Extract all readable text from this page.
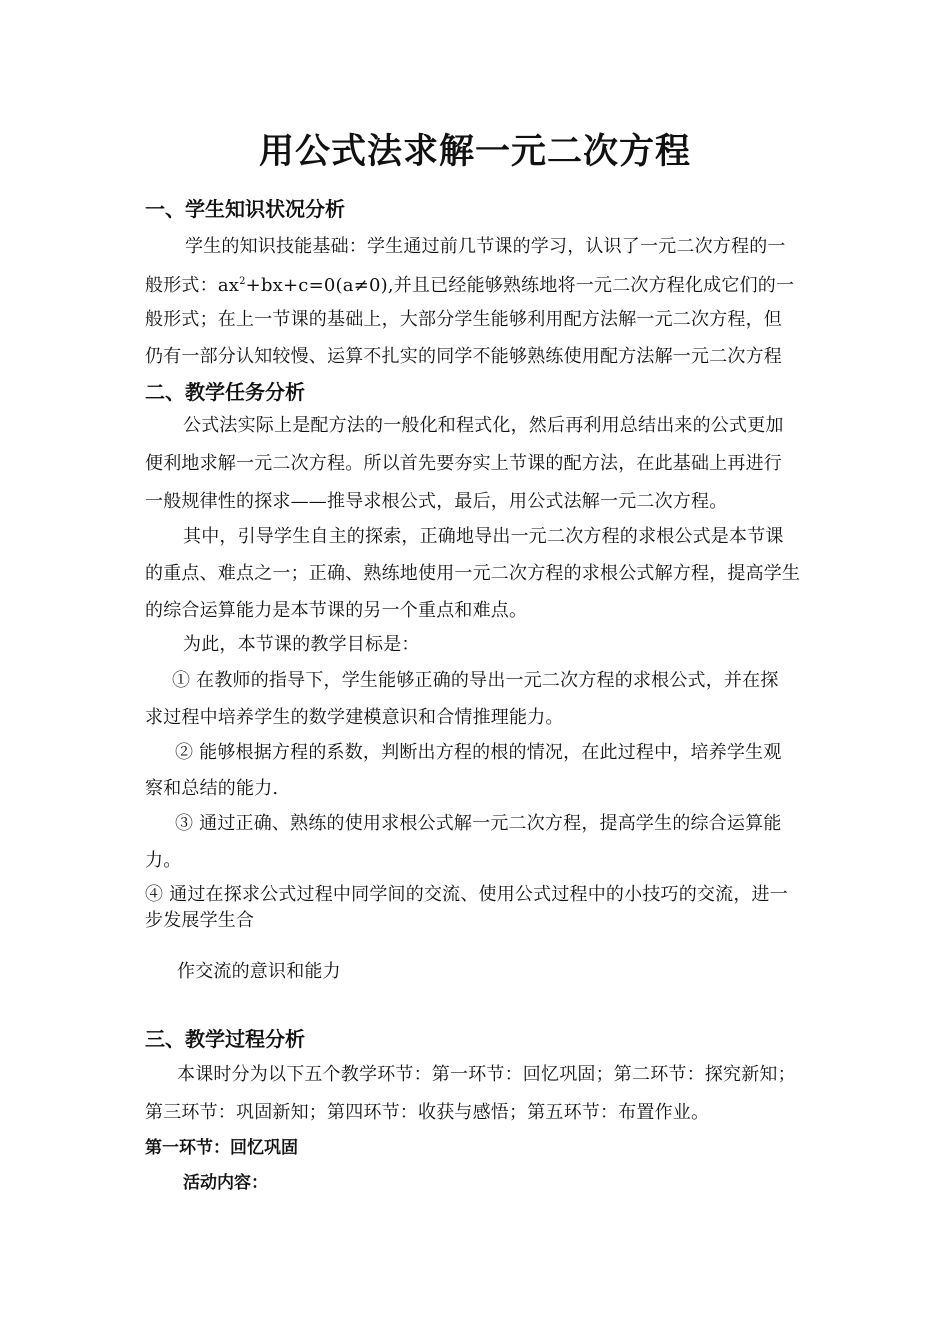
用公式法求解一元二次方程
一、学生知识状况分析
学生的知识技能基础：学生通过前几节课的学习，认识了一元二次方程的一
般形式：$ax^2+bx+c=0(a\ne 0)$,并且已经能够熟练地将一元二次方程化成它们的一
般形式；在上一节课的基础上，大部分学生能够利用配方法解一元二次方程，但
仍有一部分认知较慢、运算不扎实的同学不能够熟练使用配方法解一元二次方程
二、教学任务分析
公式法实际上是配方法的一般化和程式化，然后再利用总结出来的公式更加
便利地求解一元二次方程。所以首先要夯实上节课的配方法，在此基础上再进行
一般规律性的探求——推导求根公式，最后，用公式法解一元二次方程。
其中，引导学生自主的探索，正确地导出一元二次方程的求根公式是本节课
的重点、难点之一；正确、熟练地使用一元二次方程的求根公式解方程，提高学生
的综合运算能力是本节课的另一个重点和难点。
为此，本节课的教学目标是：
① 在教师的指导下，学生能够正确的导出一元二次方程的求根公式，并在探
求过程中培养学生的数学建模意识和合情推理能力。
② 能够根据方程的系数，判断出方程的根的情况，在此过程中，培养学生观
察和总结的能力.
③ 通过正确、熟练的使用求根公式解一元二次方程，提高学生的综合运算能
力。
④ 通过在探求公式过程中同学间的交流、使用公式过程中的小技巧的交流，进一
步发展学生合
作交流的意识和能力
三、教学过程分析
本课时分为以下五个教学环节：第一环节：回忆巩固；第二环节：探究新知；
第三环节：巩固新知；第四环节：收获与感悟；第五环节：布置作业。
第一环节：回忆巩固
活动内容：
